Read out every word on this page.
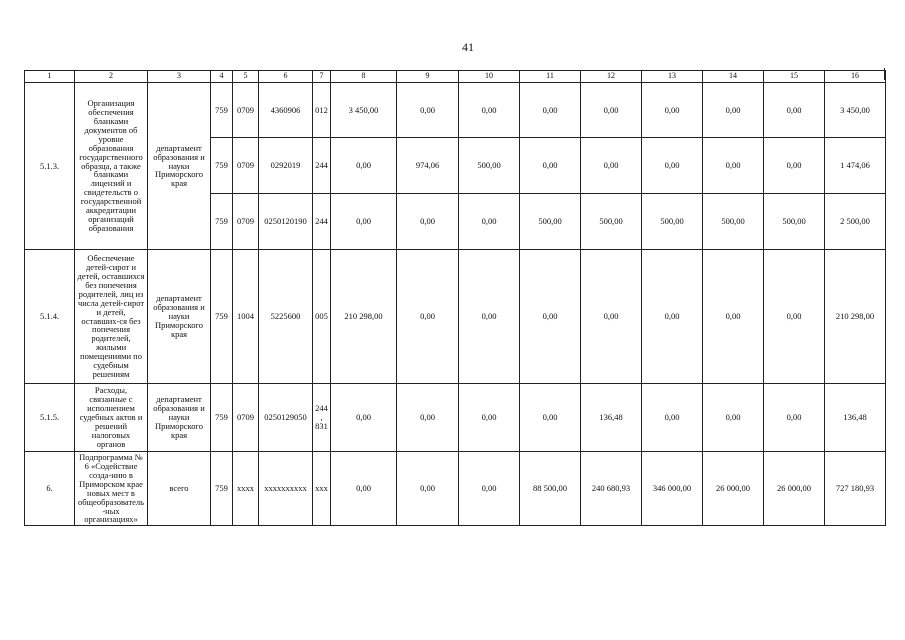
41
1	2	3	4	5	6	7	8	9	10	11	12	13	14	15	16
5.1.3.	Организация обеспечения бланками документов об уровне образования государственного образца, а также бланками лицензий и свидетельств о государственной аккредитации организаций образования	департамент образования и науки Приморского края	759	0709	4360906	012	3 450,00	0,00	0,00	0,00	0,00	0,00	0,00	0,00	3 450,00
			759	0709	0292019	244	0,00	974,06	500,00	0,00	0,00	0,00	0,00	0,00	1 474,06
			759	0709	0250120190	244	0,00	0,00	0,00	500,00	500,00	500,00	500,00	500,00	2 500,00
5.1.4.	Обеспечение детей-сирот и детей, оставшихся без попечения родителей, лиц из числа детей-сирот и детей, оставших-ся без попечения родителей, жилыми помещениями по судебным решениям	департамент образования и науки Приморского края	759	1004	5225600	005	210 298,00	0,00	0,00	0,00	0,00	0,00	0,00	0,00	210 298,00
5.1.5.	Расходы, связанные с исполнением судебных актов и решений налоговых органов	департамент образования и науки Приморского края	759	0709	0250129050	244, 831	0,00	0,00	0,00	0,00	136,48	0,00	0,00	0,00	136,48
6.	Подпрограмма № 6 «Содействие созда-нию в Приморском крае новых мест в общеобразователь-ных организациях»	всего	759	xxxx	xxxxxxxxxx	xxx	0,00	0,00	0,00	88 500,00	240 680,93	346 000,00	26 000,00	26 000,00	727 180,93
